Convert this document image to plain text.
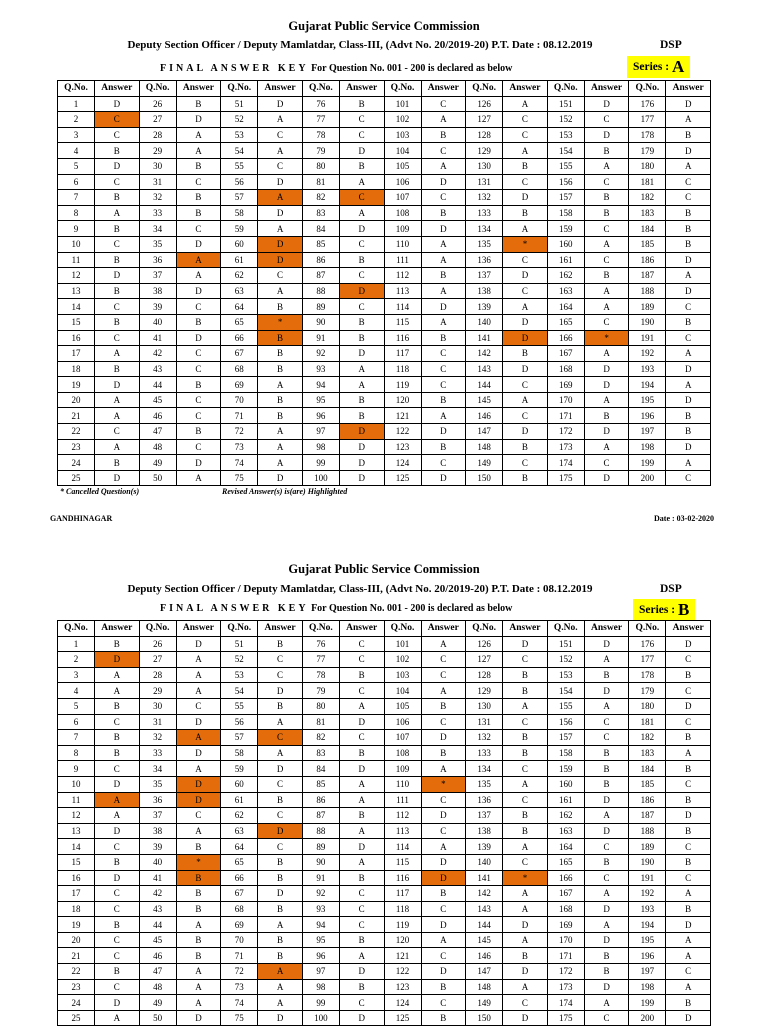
Gujarat Public Service Commission
Deputy Section Officer / Deputy Mamlatdar, Class-III, (Advt No. 20/2019-20) P.T. Date : 08.12.2019	DSP
FINAL ANSWER KEY For Question No. 001 - 200 is declared as below	Series : A
Q.No.	Answer	Q.No.	Answer	Q.No.	Answer	Q.No.	Answer	Q.No.	Answer	Q.No.	Answer	Q.No.	Answer	Q.No.	Answer
1	D	26	B	51	D	76	B	101	C	126	A	151	D	176	D
2	C	27	D	52	A	77	C	102	A	127	C	152	C	177	A
3	C	28	A	53	C	78	C	103	B	128	C	153	D	178	B
4	B	29	A	54	A	79	D	104	C	129	A	154	B	179	D
5	D	30	B	55	C	80	B	105	A	130	B	155	A	180	A
6	C	31	C	56	D	81	A	106	D	131	C	156	C	181	C
7	B	32	B	57	A	82	C	107	C	132	D	157	B	182	C
8	A	33	B	58	D	83	A	108	B	133	B	158	B	183	B
9	B	34	C	59	A	84	D	109	D	134	A	159	C	184	B
10	C	35	D	60	D	85	C	110	A	135	*	160	A	185	B
11	B	36	A	61	D	86	B	111	A	136	C	161	C	186	D
12	D	37	A	62	C	87	C	112	B	137	D	162	B	187	A
13	B	38	D	63	A	88	D	113	A	138	C	163	A	188	D
14	C	39	C	64	B	89	C	114	D	139	A	164	A	189	C
15	B	40	B	65	*	90	B	115	A	140	D	165	C	190	B
16	C	41	D	66	B	91	B	116	B	141	D	166	*	191	C
17	A	42	C	67	B	92	D	117	C	142	B	167	A	192	A
18	B	43	C	68	B	93	A	118	C	143	D	168	D	193	D
19	D	44	B	69	A	94	A	119	C	144	C	169	D	194	A
20	A	45	C	70	B	95	B	120	B	145	A	170	A	195	D
21	A	46	C	71	B	96	B	121	A	146	C	171	B	196	B
22	C	47	B	72	A	97	D	122	D	147	D	172	D	197	B
23	A	48	C	73	A	98	D	123	B	148	B	173	A	198	D
24	B	49	D	74	A	99	D	124	C	149	C	174	C	199	A
25	D	50	A	75	D	100	D	125	D	150	B	175	D	200	C
* Cancelled Question(s)	Revised Answer(s) is(are) Highlighted
GANDHINAGAR	Date : 03-02-2020
Gujarat Public Service Commission
Deputy Section Officer / Deputy Mamlatdar, Class-III, (Advt No. 20/2019-20) P.T. Date : 08.12.2019	DSP
FINAL ANSWER KEY For Question No. 001 - 200 is declared as below	Series : B
Q.No.	Answer	Q.No.	Answer	Q.No.	Answer	Q.No.	Answer	Q.No.	Answer	Q.No.	Answer	Q.No.	Answer	Q.No.	Answer
1	B	26	D	51	B	76	C	101	A	126	D	151	D	176	D
2	D	27	A	52	C	77	C	102	C	127	C	152	A	177	C
3	A	28	A	53	C	78	B	103	C	128	B	153	B	178	B
4	A	29	A	54	D	79	C	104	A	129	B	154	D	179	C
5	B	30	C	55	B	80	A	105	B	130	A	155	A	180	D
6	C	31	D	56	A	81	D	106	C	131	C	156	C	181	C
7	B	32	A	57	C	82	C	107	D	132	B	157	C	182	B
8	B	33	D	58	A	83	B	108	B	133	B	158	B	183	A
9	C	34	A	59	D	84	D	109	A	134	C	159	B	184	B
10	D	35	D	60	C	85	A	110	*	135	A	160	B	185	C
11	A	36	D	61	B	86	A	111	C	136	C	161	D	186	B
12	A	37	C	62	C	87	B	112	D	137	B	162	A	187	D
13	D	38	A	63	D	88	A	113	C	138	B	163	D	188	B
14	C	39	B	64	C	89	D	114	A	139	A	164	C	189	C
15	B	40	*	65	B	90	A	115	D	140	C	165	B	190	B
16	D	41	B	66	B	91	B	116	D	141	*	166	C	191	C
17	C	42	B	67	D	92	C	117	B	142	A	167	A	192	A
18	C	43	B	68	B	93	C	118	C	143	A	168	D	193	B
19	B	44	A	69	A	94	C	119	D	144	D	169	A	194	D
20	C	45	B	70	B	95	B	120	A	145	A	170	D	195	A
21	C	46	B	71	B	96	A	121	C	146	B	171	B	196	A
22	B	47	A	72	A	97	D	122	D	147	D	172	B	197	C
23	C	48	A	73	A	98	B	123	B	148	A	173	D	198	A
24	D	49	A	74	A	99	C	124	C	149	C	174	A	199	B
25	A	50	D	75	D	100	D	125	B	150	D	175	C	200	D
